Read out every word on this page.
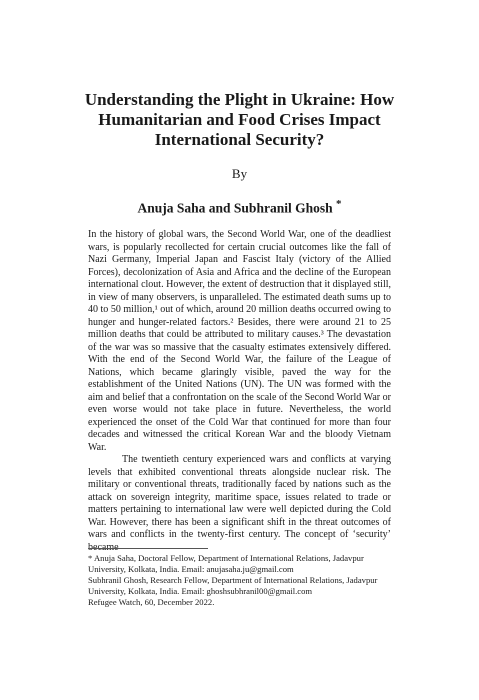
Understanding the Plight in Ukraine: How Humanitarian and Food Crises Impact International Security?
By
Anuja Saha and Subhranil Ghosh *

In the history of global wars, the Second World War, one of the deadliest wars, is popularly recollected for certain crucial outcomes like the fall of Nazi Germany, Imperial Japan and Fascist Italy (victory of the Allied Forces), decolonization of Asia and Africa and the decline of the European international clout. However, the extent of destruction that it displayed still, in view of many observers, is unparalleled. The estimated death sums up to 40 to 50 million,¹ out of which, around 20 million deaths occurred owing to hunger and hunger-related factors.² Besides, there were around 21 to 25 million deaths that could be attributed to military causes.³ The devastation of the war was so massive that the casualty estimates extensively differed. With the end of the Second World War, the failure of the League of Nations, which became glaringly visible, paved the way for the establishment of the United Nations (UN). The UN was formed with the aim and belief that a confrontation on the scale of the Second World War or even worse would not take place in future. Nevertheless, the world experienced the onset of the Cold War that continued for more than four decades and witnessed the critical Korean War and the bloody Vietnam War.

The twentieth century experienced wars and conflicts at varying levels that exhibited conventional threats alongside nuclear risk. The military or conventional threats, traditionally faced by nations such as the attack on sovereign integrity, maritime space, issues related to trade or matters pertaining to international law were well depicted during the Cold War. However, there has been a significant shift in the threat outcomes of wars and conflicts in the twenty-first century. The concept of ‘security’ became

* Anuja Saha, Doctoral Fellow, Department of International Relations, Jadavpur University, Kolkata, India. Email: anujasaha.ju@gmail.com

Subhranil Ghosh, Research Fellow, Department of International Relations, Jadavpur University, Kolkata, India. Email: ghoshsubhranil00@gmail.com

Refugee Watch, 60, December 2022.
